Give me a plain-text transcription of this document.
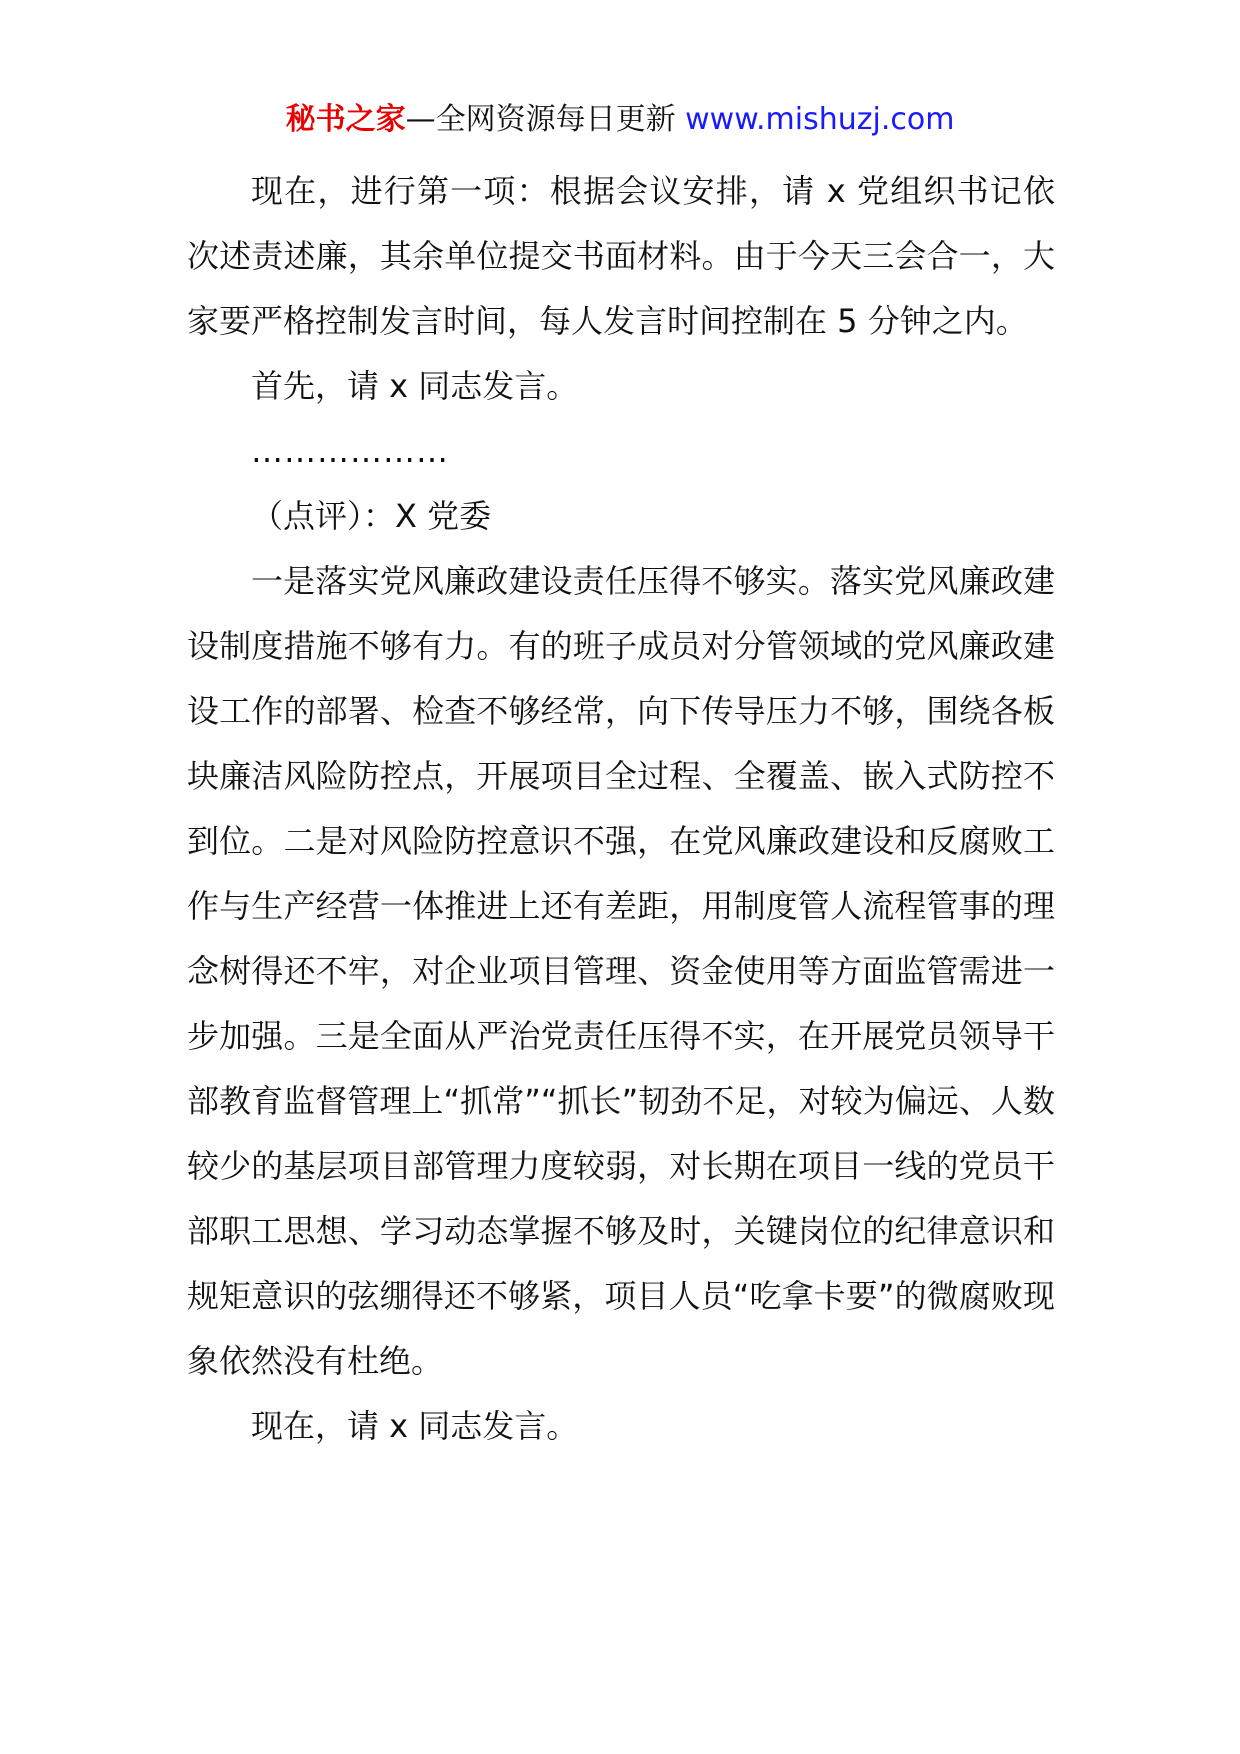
秘书之家—全网资源每日更新 www.mishuzj.com

现在，进行第一项：根据会议安排，请 x 党组织书记依次述责述廉，其余单位提交书面材料。由于今天三会合一，大家要严格控制发言时间，每人发言时间控制在 5 分钟之内。

首先，请 x 同志发言。

………………

（点评）：X 党委

一是落实党风廉政建设责任压得不够实。落实党风廉政建设制度措施不够有力。有的班子成员对分管领域的党风廉政建设工作的部署、检查不够经常，向下传导压力不够，围绕各板块廉洁风险防控点，开展项目全过程、全覆盖、嵌入式防控不到位。二是对风险防控意识不强，在党风廉政建设和反腐败工作与生产经营一体推进上还有差距，用制度管人流程管事的理念树得还不牢，对企业项目管理、资金使用等方面监管需进一步加强。三是全面从严治党责任压得不实，在开展党员领导干部教育监督管理上“抓常”“抓长”韧劲不足，对较为偏远、人数较少的基层项目部管理力度较弱，对长期在项目一线的党员干部职工思想、学习动态掌握不够及时，关键岗位的纪律意识和规矩意识的弦绷得还不够紧，项目人员“吃拿卡要”的微腐败现象依然没有杜绝。

现在，请 x 同志发言。
